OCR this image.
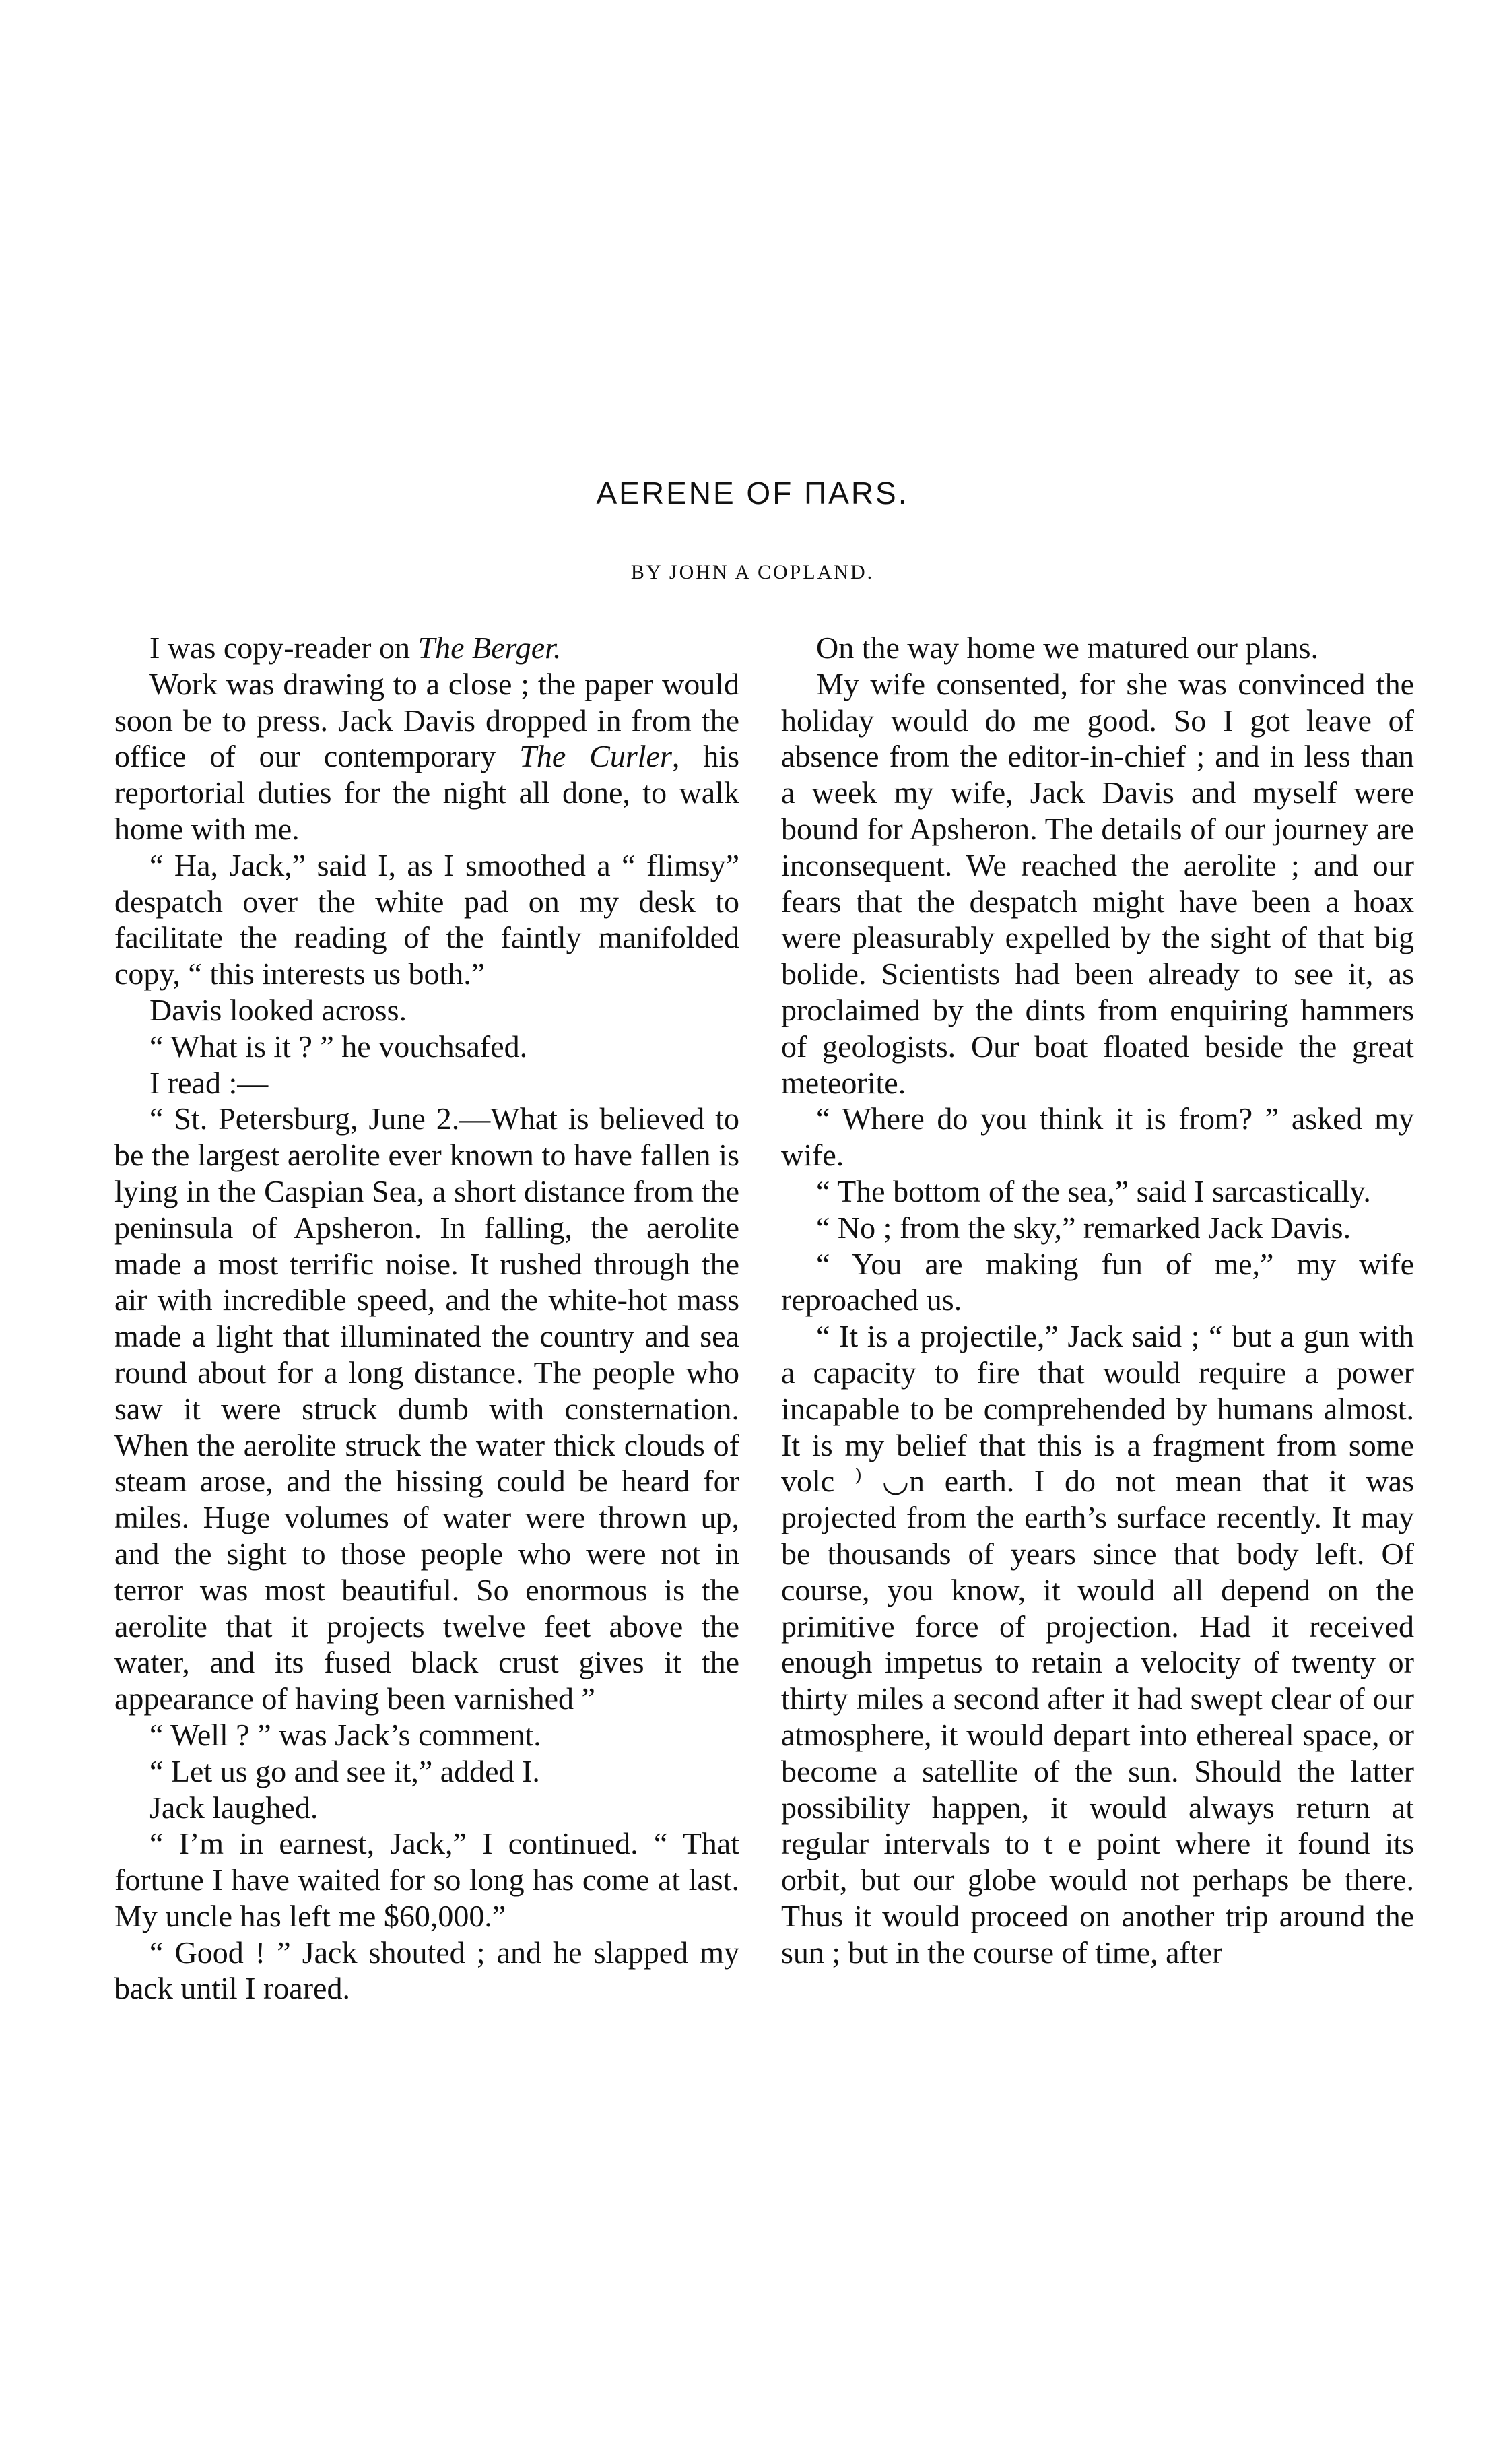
AERENE OF ПARS.
BY JOHN A COPLAND.

I was copy-reader on The Berger.

Work was drawing to a close ; the paper would soon be to press. Jack Davis dropped in from the office of our contemporary The Curler, his reportorial duties for the night all done, to walk home with me.

“ Ha, Jack,” said I, as I smoothed a “ flimsy” despatch over the white pad on my desk to facilitate the reading of the faintly manifolded copy, “ this interests us both.”

Davis looked across.

“ What is it ? ” he vouchsafed.

I read :—

“ St. Petersburg, June 2.—What is believed to be the largest aerolite ever known to have fallen is lying in the Caspian Sea, a short distance from the peninsula of Apsheron. In falling, the aerolite made a most terrific noise. It rushed through the air with incredible speed, and the white-hot mass made a light that illuminated the country and sea round about for a long distance. The people who saw it were struck dumb with consternation. When the aerolite struck the water thick clouds of steam arose, and the hissing could be heard for miles. Huge volumes of water were thrown up, and the sight to those people who were not in terror was most beautiful. So enormous is the aerolite that it projects twelve feet above the water, and its fused black crust gives it the appearance of having been varnished ”

“ Well ? ” was Jack’s comment.

“ Let us go and see it,” added I.

Jack laughed.

“ I’m in earnest, Jack,” I continued. “ That fortune I have waited for so long has come at last. My uncle has left me $60,000.”

“ Good ! ” Jack shouted ; and he slapped my back until I roared.

On the way home we matured our plans.

My wife consented, for she was convinced the holiday would do me good. So I got leave of absence from the editor-in-chief ; and in less than a week my wife, Jack Davis and myself were bound for Apsheron. The details of our journey are inconsequent. We reached the aerolite ; and our fears that the despatch might have been a hoax were pleasurably expelled by the sight of that big bolide. Scientists had been already to see it, as proclaimed by the dints from enquiring hammers of geologists. Our boat floated beside the great meteorite.

“ Where do you think it is from? ” asked my wife.

“ The bottom of the sea,” said I sarcastically.

“ No ; from the sky,” remarked Jack Davis.

“ You are making fun of me,” my wife reproached us.

“ It is a projectile,” Jack said ; “ but a gun with a capacity to fire that would require a power incapable to be comprehended by humans almost. It is my belief that this is a fragment from some volc ⁾ ◡n earth. I do not mean that it was projected from the earth’s surface recently. It may be thousands of years since that body left. Of course, you know, it would all depend on the primitive force of projection. Had it received enough impetus to retain a velocity of twenty or thirty miles a second after it had swept clear of our atmosphere, it would depart into ethereal space, or become a satellite of the sun. Should the latter possibility happen, it would always return at regular intervals to t e point where it found its orbit, but our globe would not perhaps be there. Thus it would proceed on another trip around the sun ; but in the course of time, after
